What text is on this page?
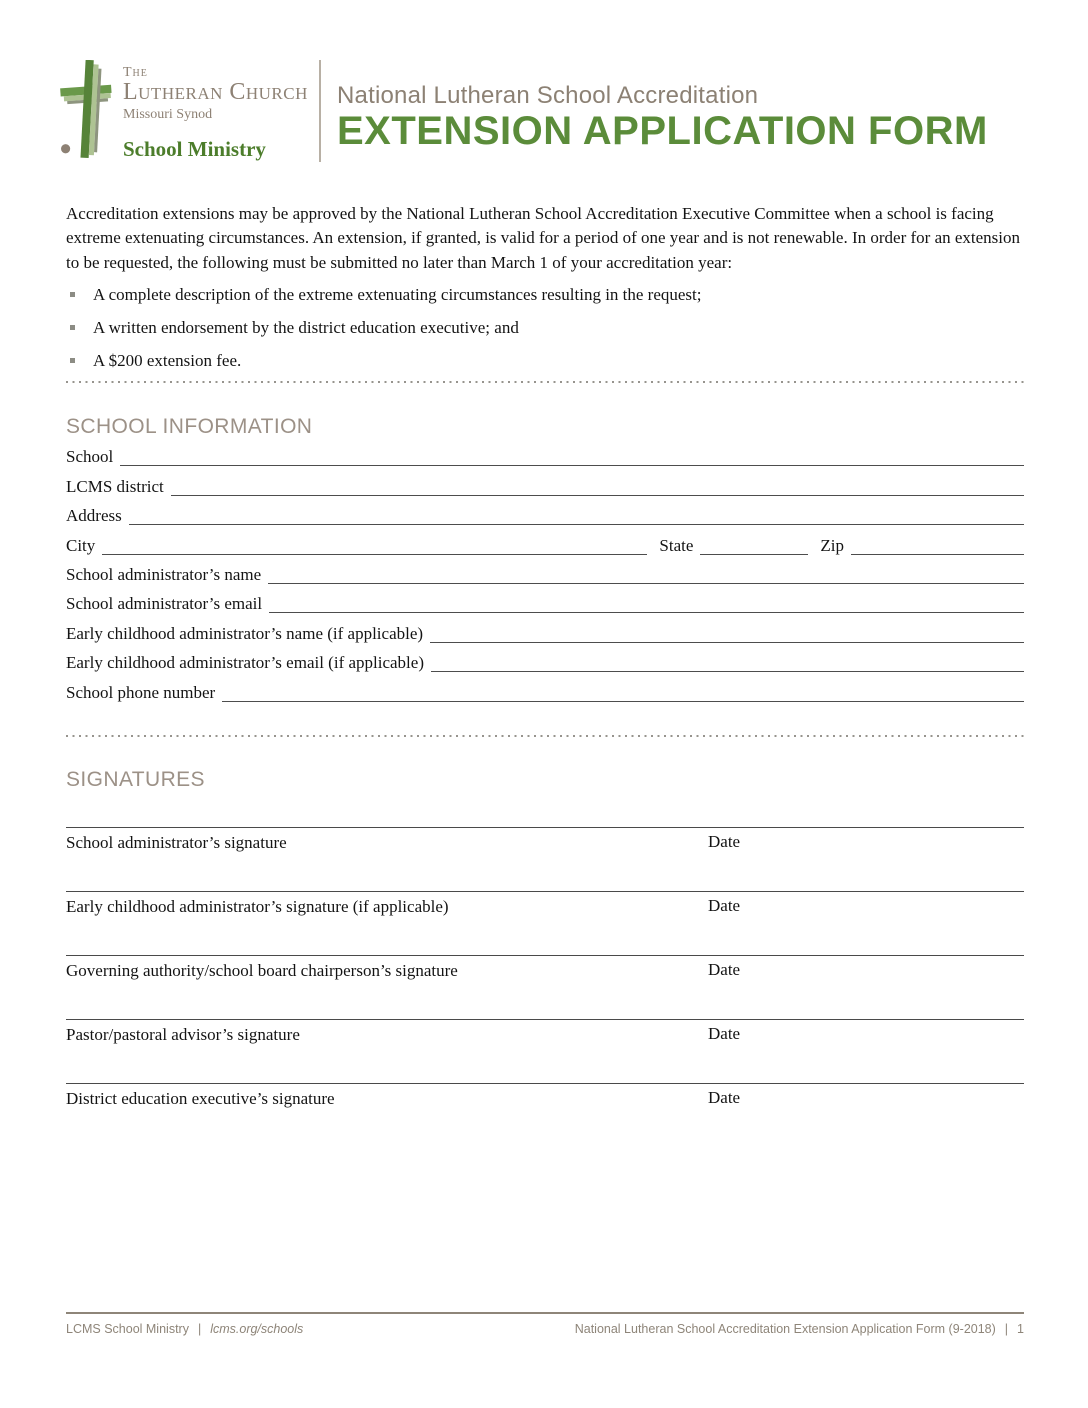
The
Lutheran Church
Missouri Synod
School Ministry
National Lutheran School Accreditation
EXTENSION APPLICATION FORM

Accreditation extensions may be approved by the National Lutheran School Accreditation Executive Committee when a school is facing extreme extenuating circumstances. An extension, if granted, is valid for a period of one year and is not renewable. In order for an extension to be requested, the following must be submitted no later than March 1 of your accreditation year:

A complete description of the extreme extenuating circumstances resulting in the request;
A written endorsement by the district education executive; and
A $200 extension fee.
SCHOOL INFORMATION
School
LCMS district
Address
City	State	Zip
School administrator’s name
School administrator’s email
Early childhood administrator’s name (if applicable)
Early childhood administrator’s email (if applicable)
School phone number
SIGNATURES
School administrator’s signature	Date
Early childhood administrator’s signature (if applicable)	Date
Governing authority/school board chairperson’s signature	Date
Pastor/pastoral advisor’s signature	Date
District education executive’s signature	Date
LCMS School Ministry | lcms.org/schools	National Lutheran School Accreditation Extension Application Form (9-2018) | 1
